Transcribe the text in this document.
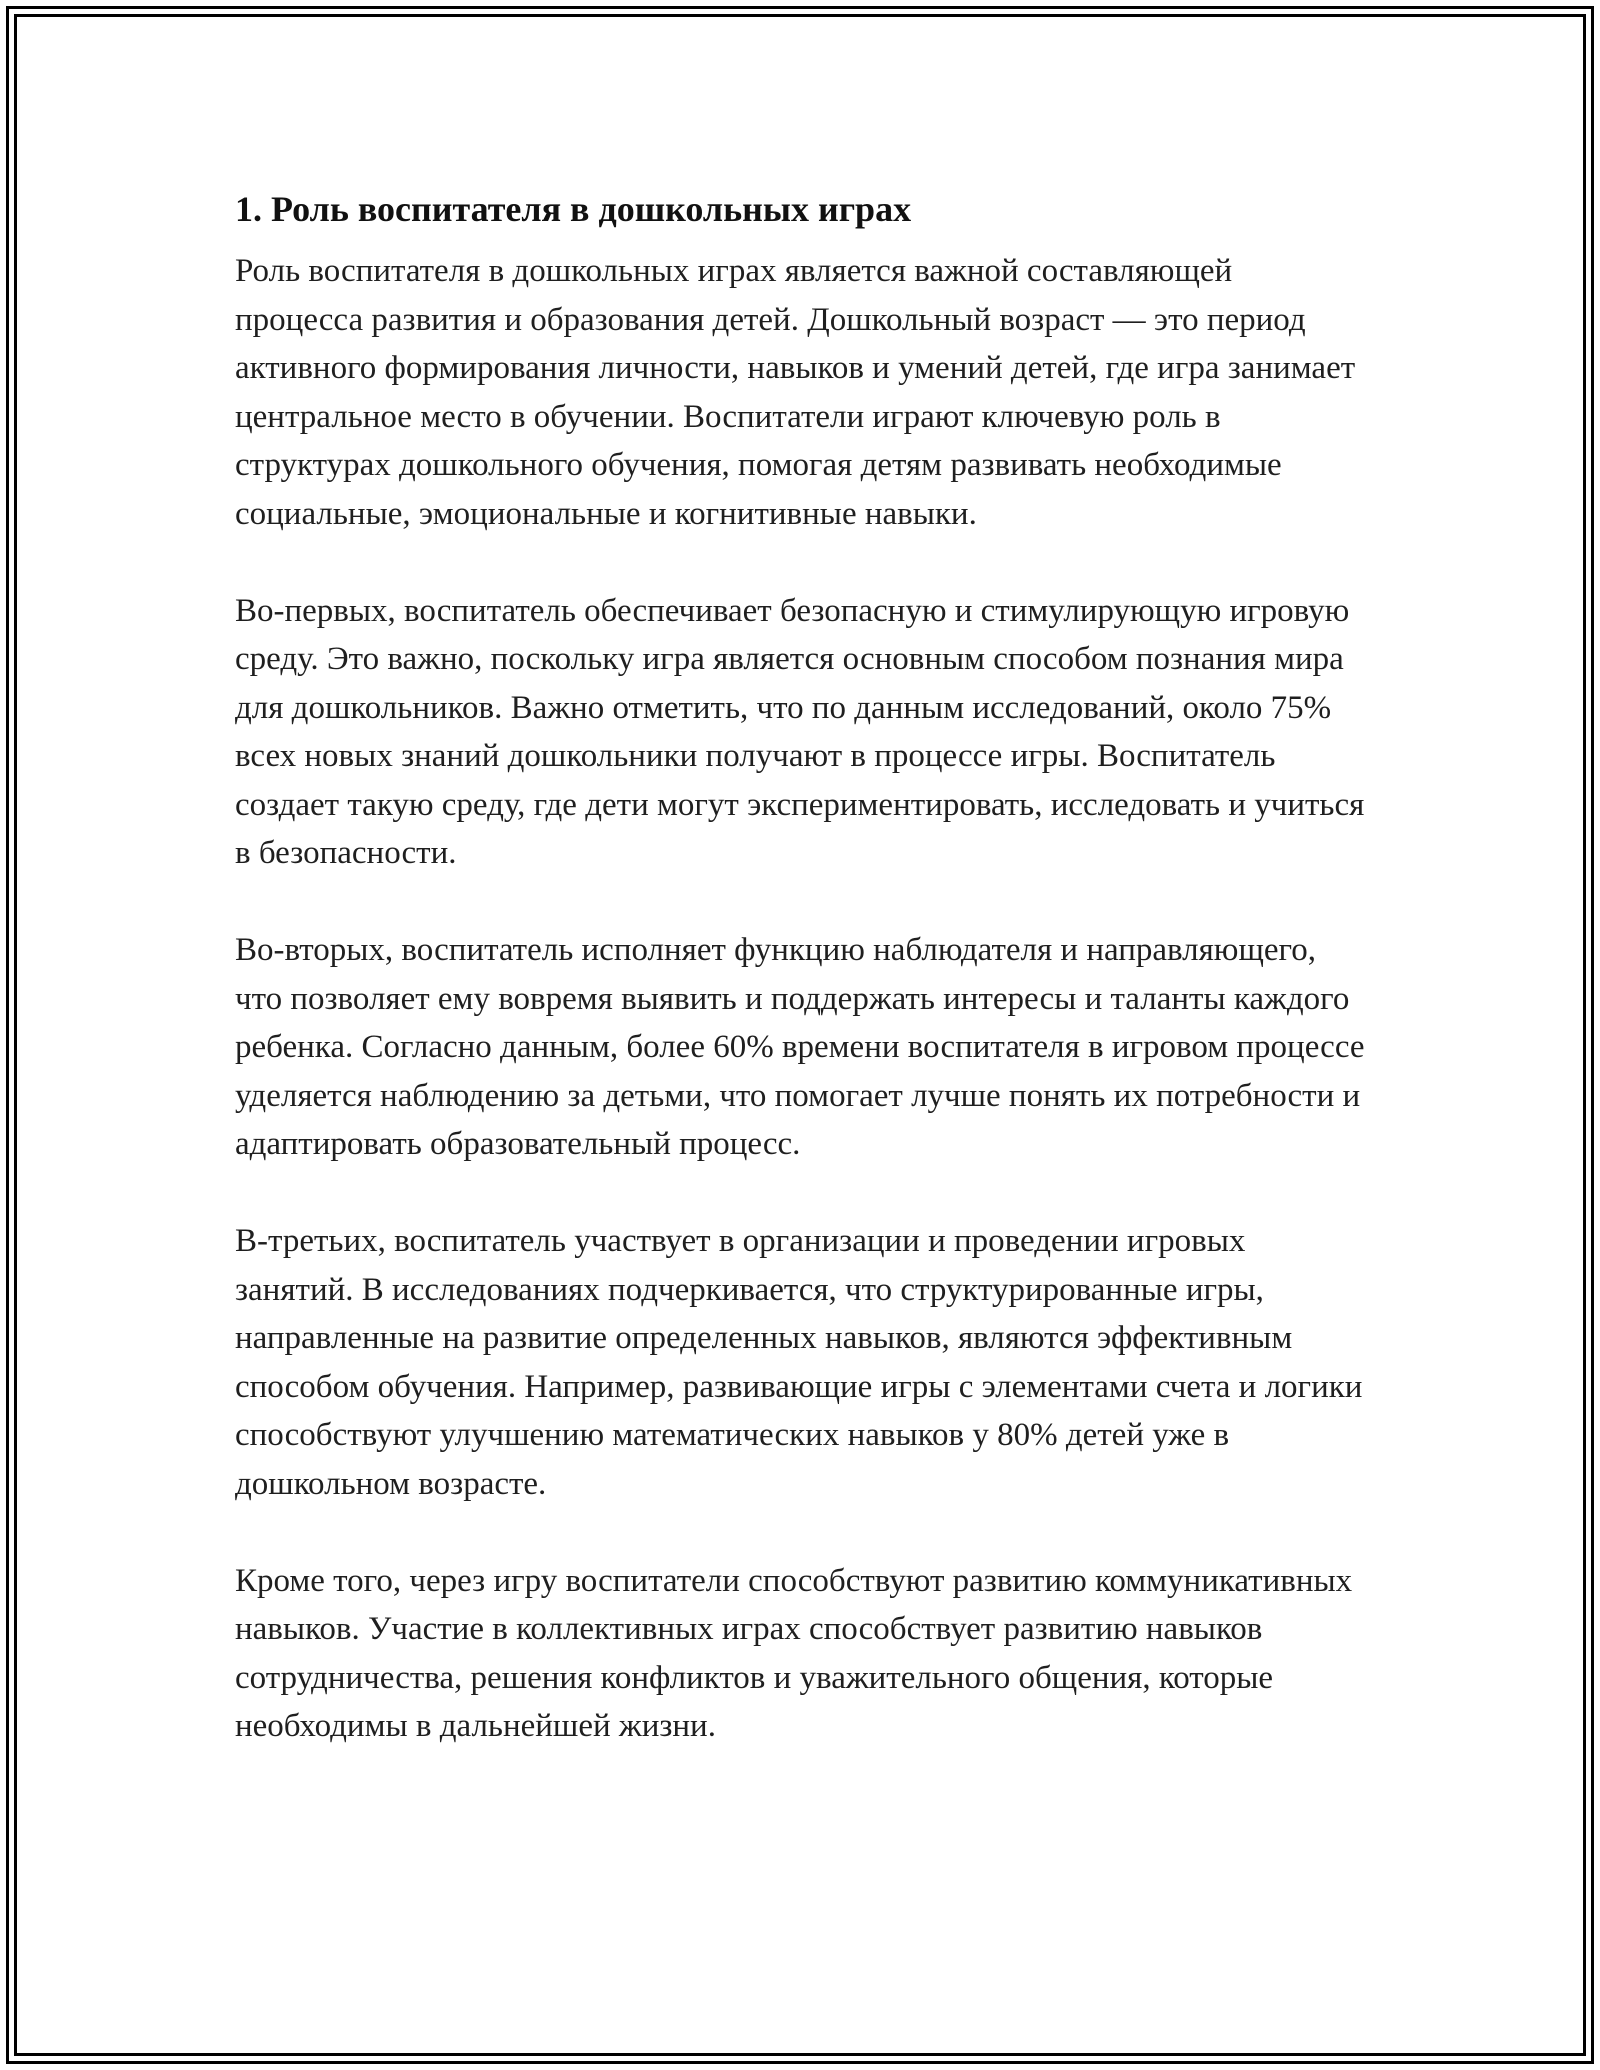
1. Роль воспитателя в дошкольных играх

Роль воспитателя в дошкольных играх является важной составляющей процесса развития и образования детей. Дошкольный возраст — это период активного формирования личности, навыков и умений детей, где игра занимает центральное место в обучении. Воспитатели играют ключевую роль в структурах дошкольного обучения, помогая детям развивать необходимые социальные, эмоциональные и когнитивные навыки.

Во-первых, воспитатель обеспечивает безопасную и стимулирующую игровую среду. Это важно, поскольку игра является основным способом познания мира для дошкольников. Важно отметить, что по данным исследований, около 75% всех новых знаний дошкольники получают в процессе игры. Воспитатель создает такую среду, где дети могут экспериментировать, исследовать и учиться в безопасности.

Во-вторых, воспитатель исполняет функцию наблюдателя и направляющего, что позволяет ему вовремя выявить и поддержать интересы и таланты каждого ребенка. Согласно данным, более 60% времени воспитателя в игровом процессе уделяется наблюдению за детьми, что помогает лучше понять их потребности и адаптировать образовательный процесс.

В-третьих, воспитатель участвует в организации и проведении игровых занятий. В исследованиях подчеркивается, что структурированные игры, направленные на развитие определенных навыков, являются эффективным способом обучения. Например, развивающие игры с элементами счета и логики способствуют улучшению математических навыков у 80% детей уже в дошкольном возрасте.

Кроме того, через игру воспитатели способствуют развитию коммуникативных навыков. Участие в коллективных играх способствует развитию навыков сотрудничества, решения конфликтов и уважительного общения, которые необходимы в дальнейшей жизни.
